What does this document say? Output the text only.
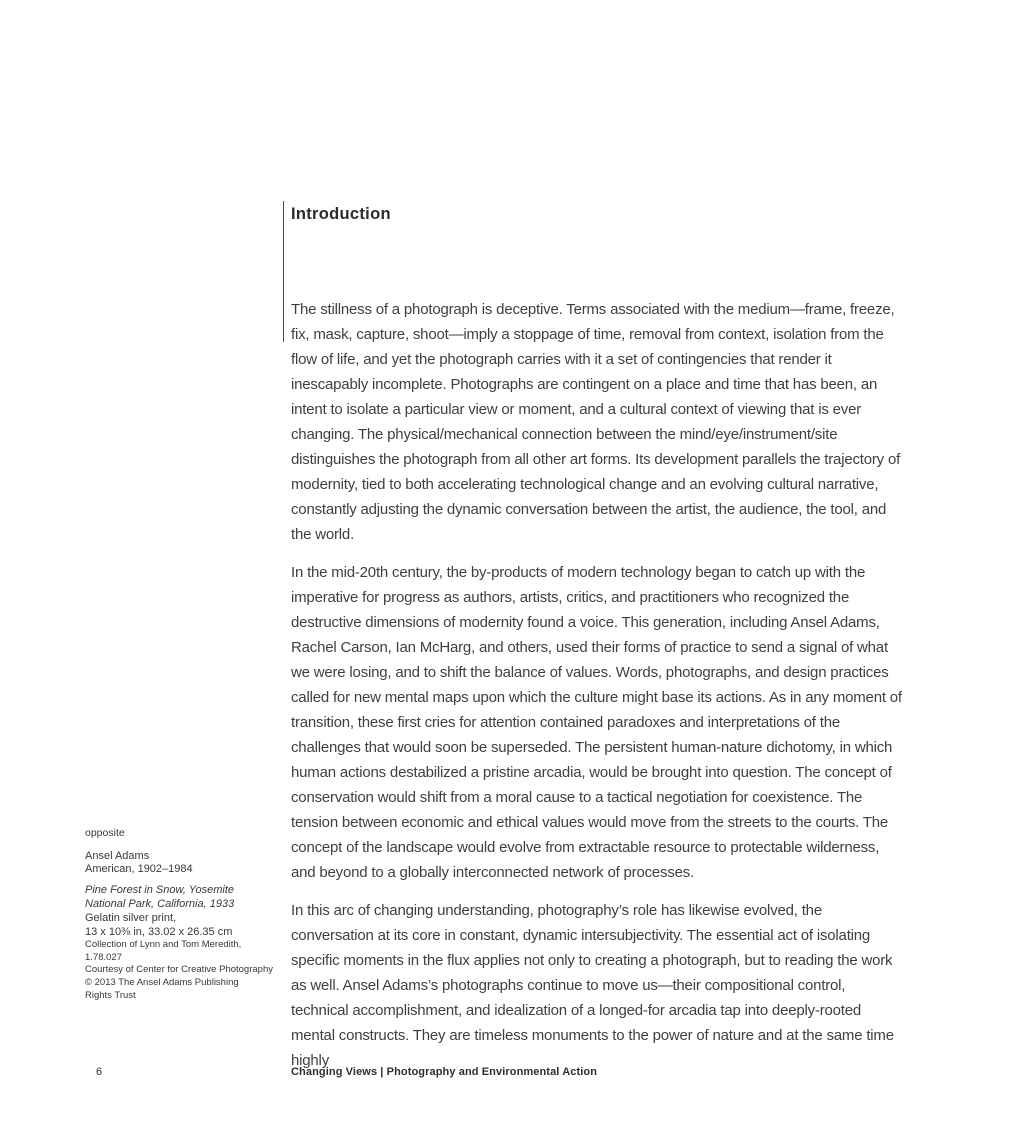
Introduction

The stillness of a photograph is deceptive. Terms associated with the medium—frame, freeze, fix, mask, capture, shoot—imply a stoppage of time, removal from context, isolation from the flow of life, and yet the photograph carries with it a set of contingencies that render it inescapably incomplete. Photographs are contingent on a place and time that has been, an intent to isolate a particular view or moment, and a cultural context of viewing that is ever changing. The physical/mechanical connection between the mind/eye/instrument/site distinguishes the photograph from all other art forms. Its development parallels the trajectory of modernity, tied to both accelerating technological change and an evolving cultural narrative, constantly adjusting the dynamic conversation between the artist, the audience, the tool, and the world.

In the mid-20th century, the by-products of modern technology began to catch up with the imperative for progress as authors, artists, critics, and practitioners who recognized the destructive dimensions of modernity found a voice. This generation, including Ansel Adams, Rachel Carson, Ian McHarg, and others, used their forms of practice to send a signal of what we were losing, and to shift the balance of values. Words, photographs, and design practices called for new mental maps upon which the culture might base its actions. As in any moment of transition, these first cries for attention contained paradoxes and interpretations of the challenges that would soon be superseded. The persistent human-nature dichotomy, in which human actions destabilized a pristine arcadia, would be brought into question. The concept of conservation would shift from a moral cause to a tactical negotiation for coexistence. The tension between economic and ethical values would move from the streets to the courts. The concept of the landscape would evolve from extractable resource to protectable wilderness, and beyond to a globally interconnected network of processes.

In this arc of changing understanding, photography’s role has likewise evolved, the conversation at its core in constant, dynamic intersubjectivity. The essential act of isolating specific moments in the flux applies not only to creating a photograph, but to reading the work as well. Ansel Adams’s photographs continue to move us—their compositional control, technical accomplishment, and idealization of a longed-for arcadia tap into deeply-rooted mental constructs. They are timeless monuments to the power of nature and at the same time highly

opposite
Ansel Adams
American, 1902–1984
Pine Forest in Snow, Yosemite
National Park, California, 1933
Gelatin silver print,
13 x 10⅜ in, 33.02 x 26.35 cm
Collection of Lynn and Tom Meredith,
1.78.027
Courtesy of Center for Creative Photography
© 2013 The Ansel Adams Publishing
Rights Trust
6	Changing Views | Photography and Environmental Action
